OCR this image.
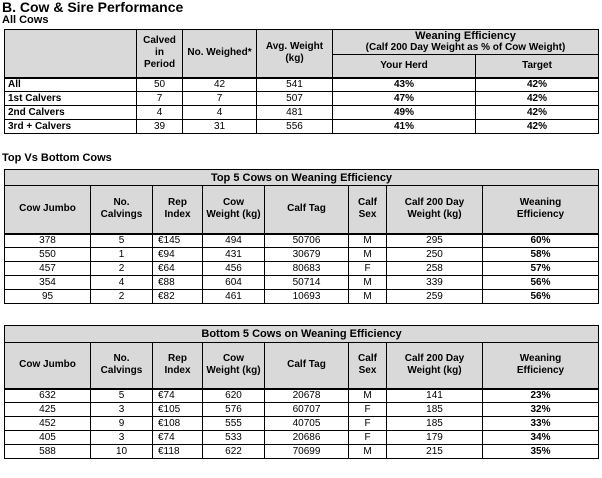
B. Cow & Sire Performance
All Cows
	Calved in Period	No. Weighed*	Avg. Weight (kg)	Weaning Efficiency
(Calf 200 Day Weight as % of Cow Weight)	

				Your Herd	Target
All	50	42	541	43%	42%
1st Calvers	7	7	507	47%	42%
2nd Calvers	4	4	481	49%	42%
3rd + Calvers	39	31	556	41%	42%
Top Vs Bottom Cows
Top 5 Cows on Weaning Efficiency							
Cow Jumbo	No. Calvings	Rep Index	Cow Weight (kg)	Calf Tag	Calf Sex	Calf 200 Day Weight (kg)	Weaning Efficiency
378	5	€145	494	50706	M	295	60%
550	1	€94	431	30679	M	250	58%
457	2	€64	456	80683	F	258	57%
354	4	€88	604	50714	M	339	56%
95	2	€82	461	10693	M	259	56%
Bottom 5 Cows on Weaning Efficiency							
Cow Jumbo	No. Calvings	Rep Index	Cow Weight (kg)	Calf Tag	Calf Sex	Calf 200 Day Weight (kg)	Weaning Efficiency
632	5	€74	620	20678	M	141	23%
425	3	€105	576	60707	F	185	32%
452	9	€108	555	40705	F	185	33%
405	3	€74	533	20686	F	179	34%
588	10	€118	622	70699	M	215	35%
